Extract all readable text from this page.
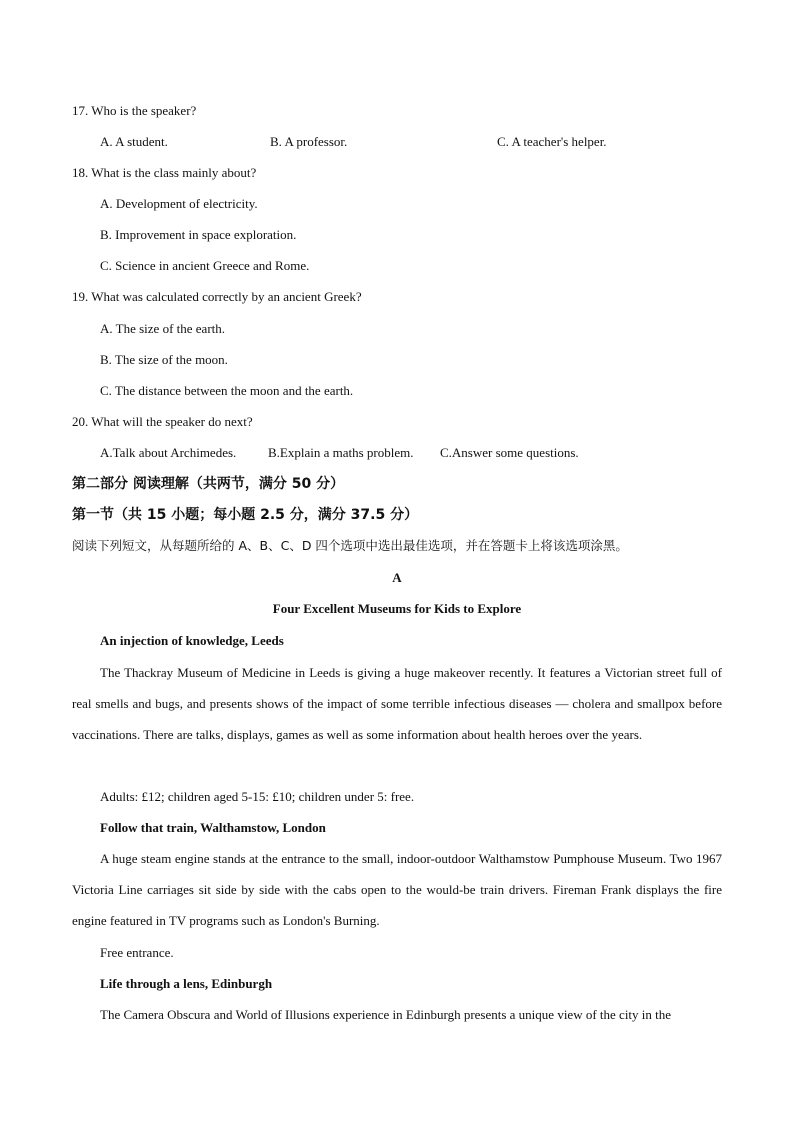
17. Who is the speaker?
A. A student.	B. A professor.	C. A teacher's helper.
18. What is the class mainly about?
A. Development of electricity.
B. Improvement in space exploration.
C. Science in ancient Greece and Rome.
19. What was calculated correctly by an ancient Greek?
A. The size of the earth.
B. The size of the moon.
C. The distance between the moon and the earth.
20. What will the speaker do next?
A.Talk about Archimedes. B.Explain a maths problem. C.Answer some questions.
第二部分 阅读理解（共两节，满分 50 分）
第一节（共 15 小题；每小题 2.5 分，满分 37.5 分）
阅读下列短文，从每题所给的 A、B、C、D 四个选项中选出最佳选项，并在答题卡上将该选项涂黑。
A
Four Excellent Museums for Kids to Explore
An injection of knowledge, Leeds
The Thackray Museum of Medicine in Leeds is giving a huge makeover recently. It features a Victorian street full of real smells and bugs, and presents shows of the impact of some terrible infectious diseases — cholera and smallpox before vaccinations. There are talks, displays, games as well as some information about health heroes over the years.
Adults: £12; children aged 5-15: £10; children under 5: free.
Follow that train, Walthamstow, London
A huge steam engine stands at the entrance to the small, indoor-outdoor Walthamstow Pumphouse Museum. Two 1967 Victoria Line carriages sit side by side with the cabs open to the would-be train drivers. Fireman Frank displays the fire engine featured in TV programs such as London's Burning.
Free entrance.
Life through a lens, Edinburgh
The Camera Obscura and World of Illusions experience in Edinburgh presents a unique view of the city in the
